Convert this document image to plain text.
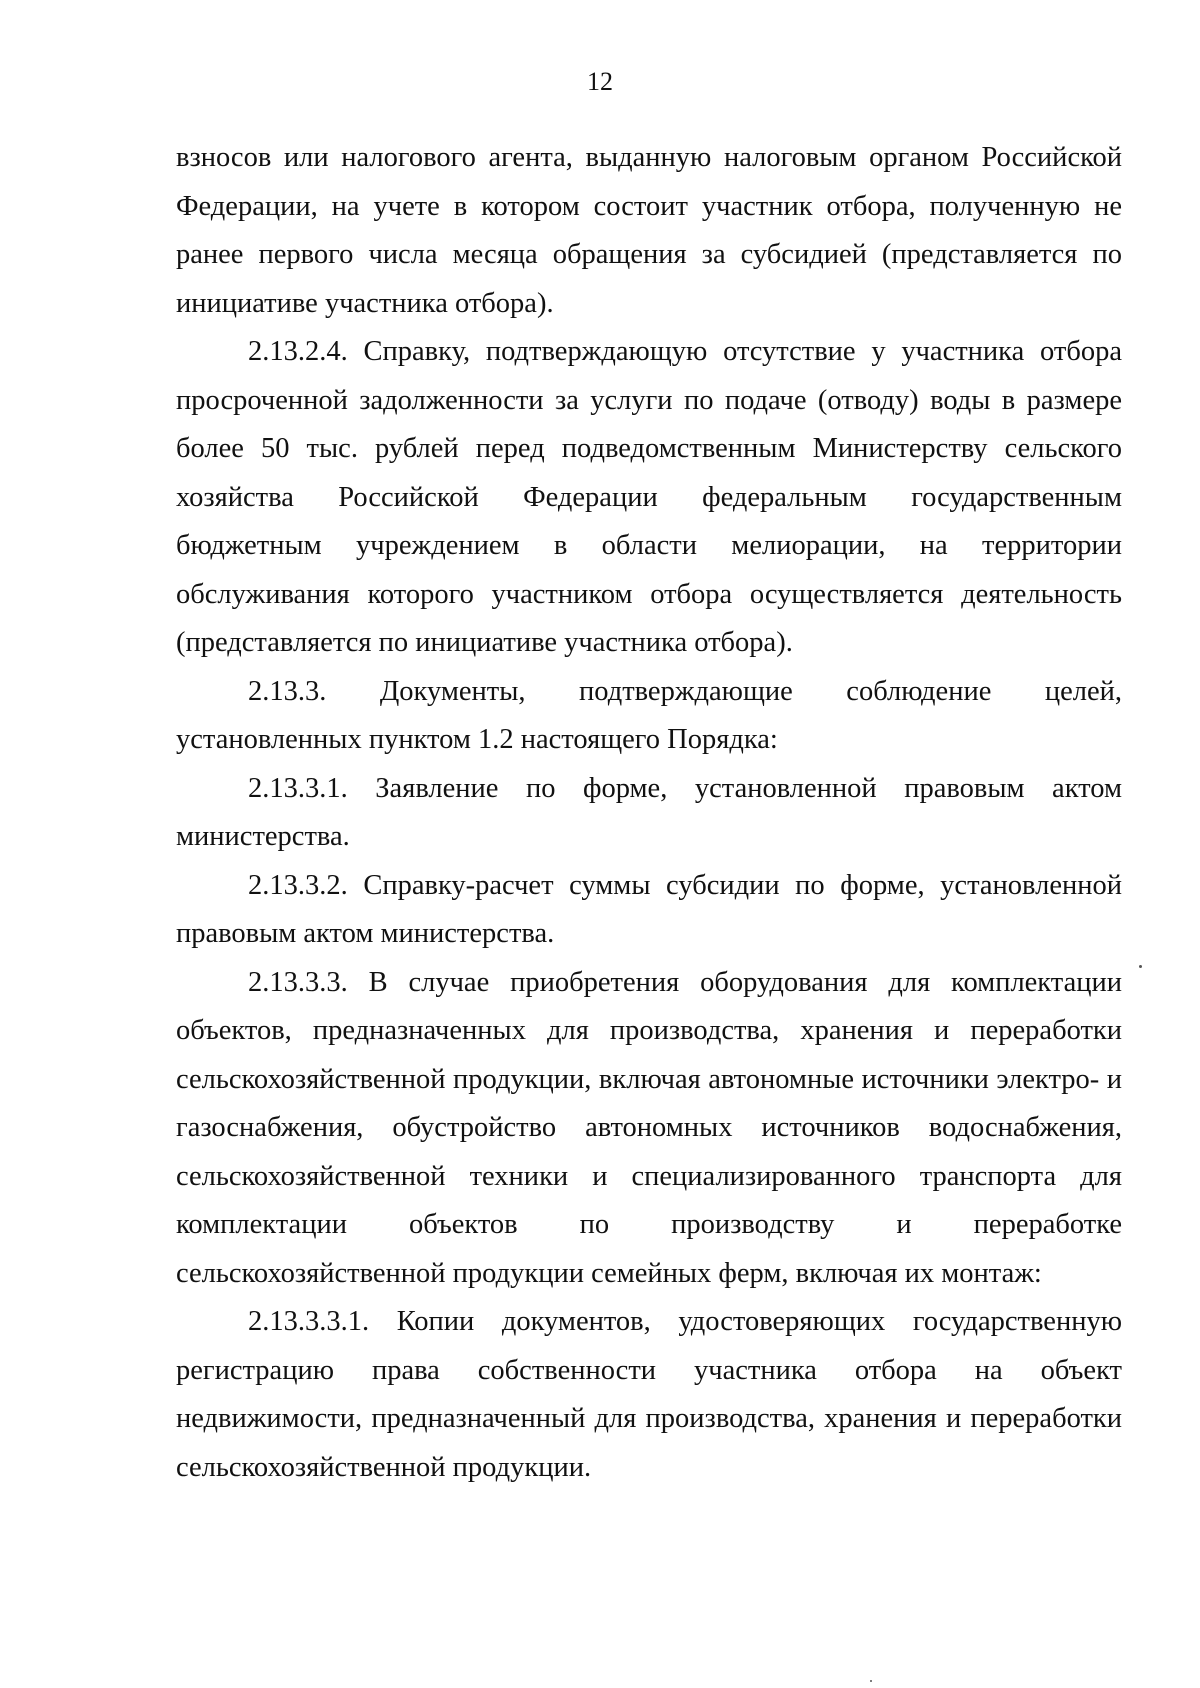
12

взносов или налогового агента, выданную налоговым органом Российской Федерации, на учете в котором состоит участник отбора, полученную не ранее первого числа месяца обращения за субсидией (представляется по инициативе участника отбора).

2.13.2.4. Справку, подтверждающую отсутствие у участника отбора просроченной задолженности за услуги по подаче (отводу) воды в размере более 50 тыс. рублей перед подведомственным Министерству сельского хозяйства Российской Федерации федеральным государственным бюджетным учреждением в области мелиорации, на территории обслуживания которого участником отбора осуществляется деятельность (представляется по инициативе участника отбора).

2.13.3. Документы, подтверждающие соблюдение целей, установленных пунктом 1.2 настоящего Порядка:

2.13.3.1. Заявление по форме, установленной правовым актом министерства.

2.13.3.2. Справку-расчет суммы субсидии по форме, установленной правовым актом министерства.

2.13.3.3. В случае приобретения оборудования для комплектации объектов, предназначенных для производства, хранения и переработки сельскохозяйственной продукции, включая автономные источники электро- и газоснабжения, обустройство автономных источников водоснабжения, сельскохозяйственной техники и специализированного транспорта для комплектации объектов по производству и переработке сельскохозяйственной продукции семейных ферм, включая их монтаж:

2.13.3.3.1. Копии документов, удостоверяющих государственную регистрацию права собственности участника отбора на объект недвижимости, предназначенный для производства, хранения и переработки сельскохозяйственной продукции.
